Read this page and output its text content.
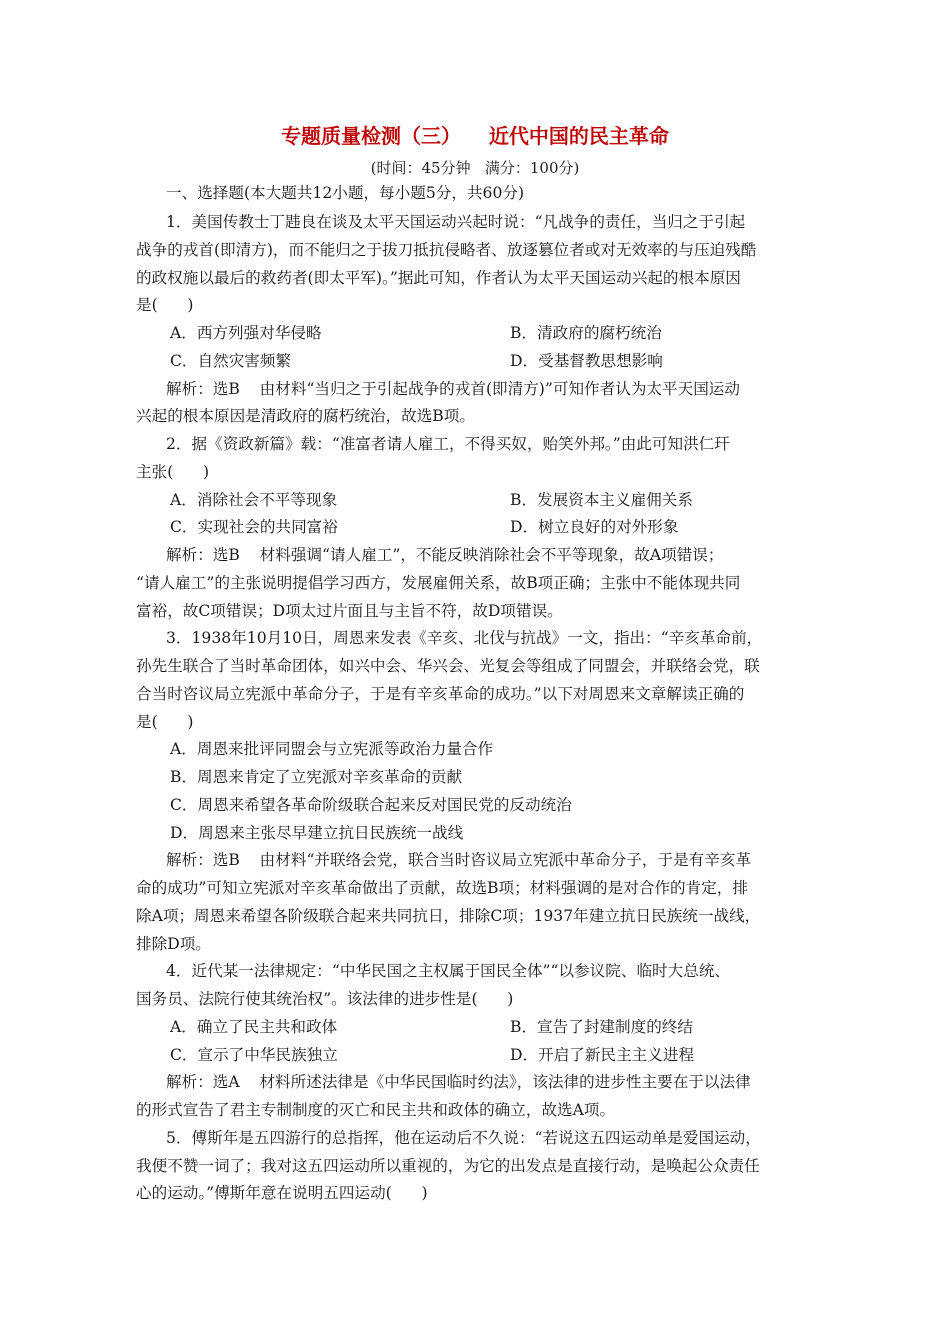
专题质量检测（三）    近代中国的民主革命
(时间：45分钟   满分：100分)
一、选择题(本大题共12小题，每小题5分，共60分)
1．美国传教士丁韪良在谈及太平天国运动兴起时说：“凡战争的责任，当归之于引起
战争的戎首(即清方)，而不能归之于拔刀抵抗侵略者、放逐篡位者或对无效率的与压迫残酷
的政权施以最后的救药者(即太平军)。”据此可知，作者认为太平天国运动兴起的根本原因
是(      )
A．西方列强对华侵略	B．清政府的腐朽统治
C．自然灾害频繁	D．受基督教思想影响
解析：选B    由材料“当归之于引起战争的戎首(即清方)”可知作者认为太平天国运动
兴起的根本原因是清政府的腐朽统治，故选B项。
2．据《资政新篇》载：“准富者请人雇工，不得买奴，贻笑外邦。”由此可知洪仁玕
主张(      )
A．消除社会不平等现象	B．发展资本主义雇佣关系
C．实现社会的共同富裕	D．树立良好的对外形象
解析：选B    材料强调“请人雇工”，不能反映消除社会不平等现象，故A项错误；
“请人雇工”的主张说明提倡学习西方，发展雇佣关系，故B项正确；主张中不能体现共同
富裕，故C项错误；D项太过片面且与主旨不符，故D项错误。
3．1938年10月10日，周恩来发表《辛亥、北伐与抗战》一文，指出：“辛亥革命前，
孙先生联合了当时革命团体，如兴中会、华兴会、光复会等组成了同盟会，并联络会党，联
合当时咨议局立宪派中革命分子，于是有辛亥革命的成功。”以下对周恩来文章解读正确的
是(      )
A．周恩来批评同盟会与立宪派等政治力量合作
B．周恩来肯定了立宪派对辛亥革命的贡献
C．周恩来希望各革命阶级联合起来反对国民党的反动统治
D．周恩来主张尽早建立抗日民族统一战线
解析：选B    由材料“并联络会党，联合当时咨议局立宪派中革命分子，于是有辛亥革
命的成功”可知立宪派对辛亥革命做出了贡献，故选B项；材料强调的是对合作的肯定，排
除A项；周恩来希望各阶级联合起来共同抗日，排除C项；1937年建立抗日民族统一战线，
排除D项。
4．近代某一法律规定：“中华民国之主权属于国民全体”“以参议院、临时大总统、
国务员、法院行使其统治权”。该法律的进步性是(      )
A．确立了民主共和政体	B．宣告了封建制度的终结
C．宣示了中华民族独立	D．开启了新民主主义进程
解析：选A    材料所述法律是《中华民国临时约法》，该法律的进步性主要在于以法律
的形式宣告了君主专制制度的灭亡和民主共和政体的确立，故选A项。
5．傅斯年是五四游行的总指挥，他在运动后不久说：“若说这五四运动单是爱国运动，
我便不赞一词了；我对这五四运动所以重视的，为它的出发点是直接行动，是唤起公众责任
心的运动。”傅斯年意在说明五四运动(      )
